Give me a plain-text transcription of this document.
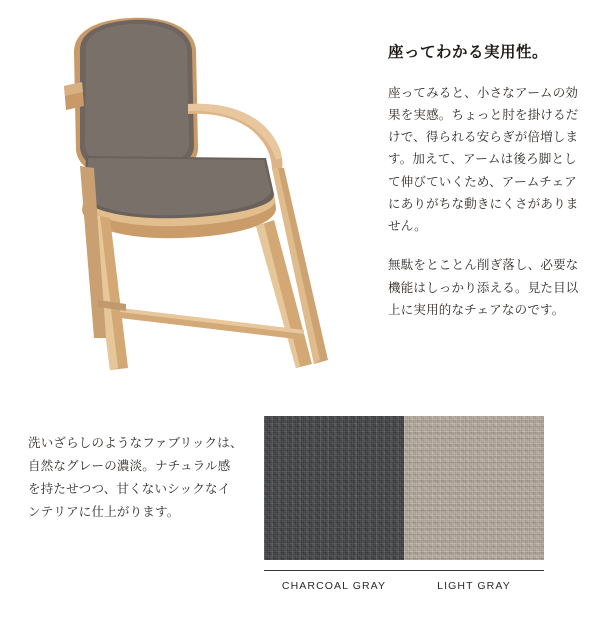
座ってわかる実用性。

座ってみると、小さなアームの効果を実感。ちょっと肘を掛けるだけで、得られる安らぎが倍増します。加えて、アームは後ろ脚として伸びていくため、アームチェアにありがちな動きにくさがありません。

無駄をとことん削ぎ落し、必要な機能はしっかり添える。見た目以上に実用的なチェアなのです。

洗いざらしのようなファブリックは、自然なグレーの濃淡。ナチュラル感を持たせつつ、甘くないシックなインテリアに仕上がります。
CHARCOAL GRAY	LIGHT GRAY
